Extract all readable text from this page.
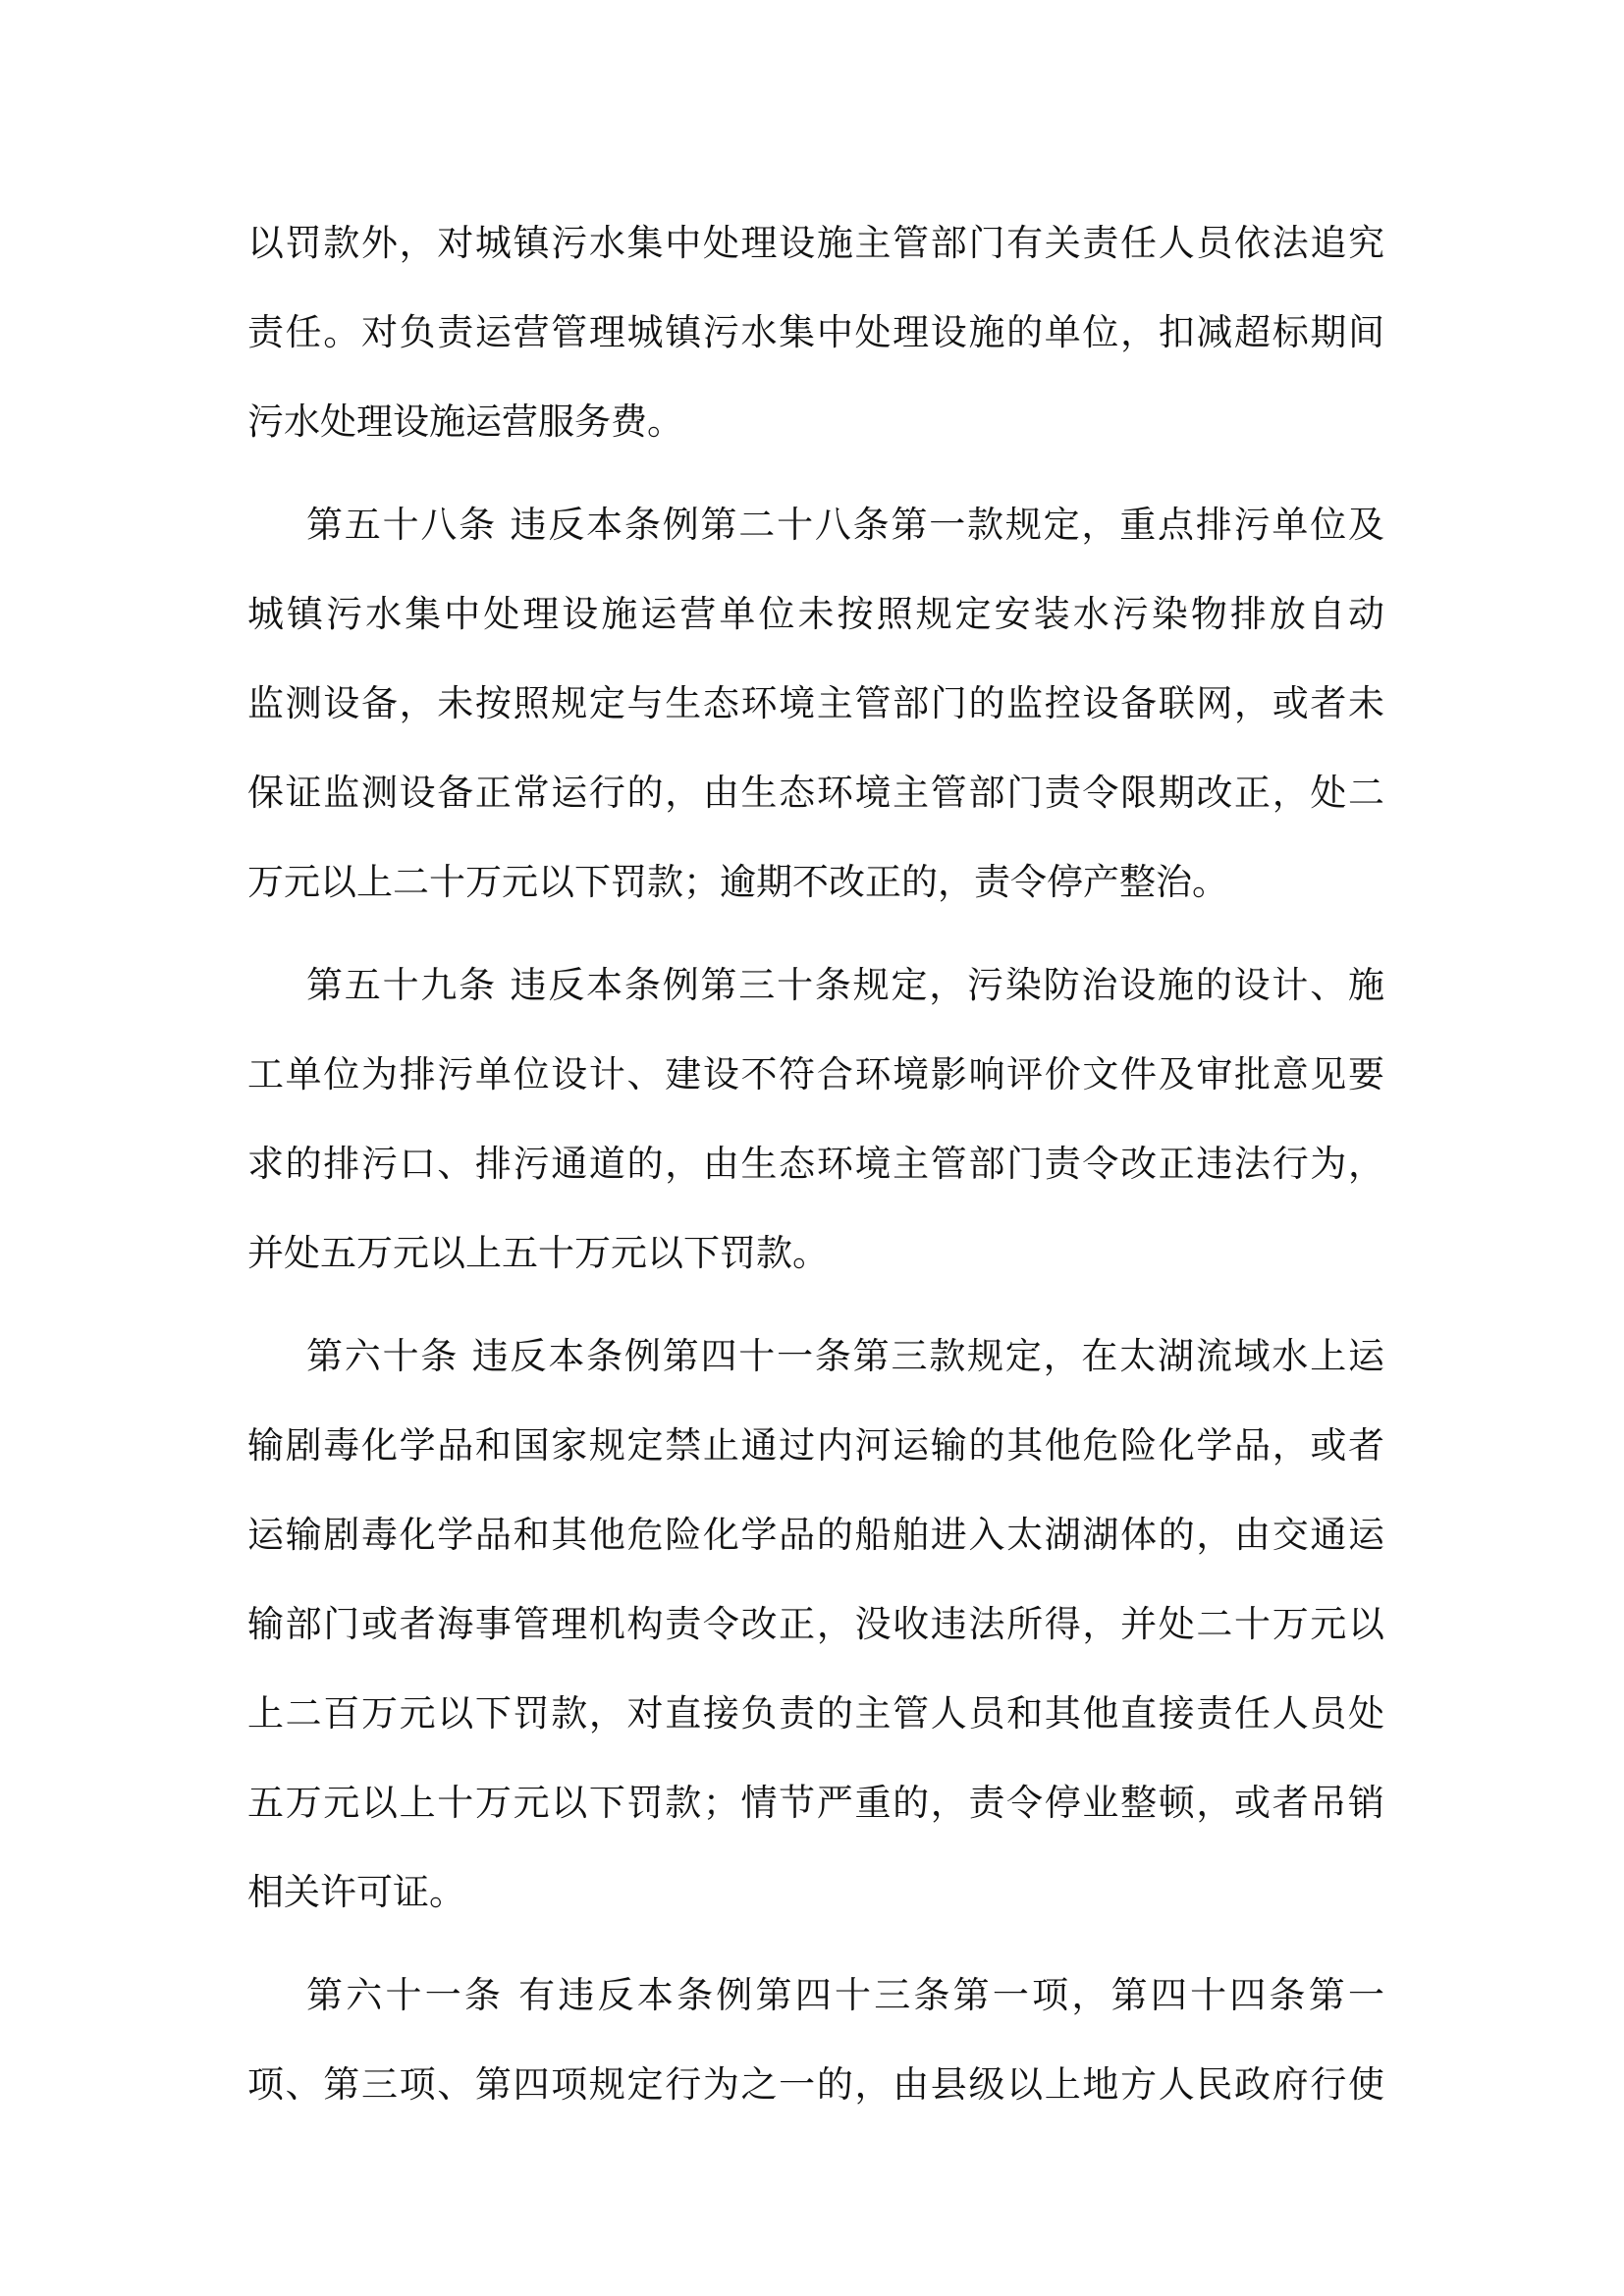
以罚款外，对城镇污水集中处理设施主管部门有关责任人员依法追究
责任。对负责运营管理城镇污水集中处理设施的单位，扣减超标期间
污水处理设施运营服务费。
第五十八条 违反本条例第二十八条第一款规定，重点排污单位及
城镇污水集中处理设施运营单位未按照规定安装水污染物排放自动
监测设备，未按照规定与生态环境主管部门的监控设备联网，或者未
保证监测设备正常运行的，由生态环境主管部门责令限期改正，处二
万元以上二十万元以下罚款；逾期不改正的，责令停产整治。
第五十九条 违反本条例第三十条规定，污染防治设施的设计、施
工单位为排污单位设计、建设不符合环境影响评价文件及审批意见要
求的排污口、排污通道的，由生态环境主管部门责令改正违法行为，
并处五万元以上五十万元以下罚款。
第六十条 违反本条例第四十一条第三款规定，在太湖流域水上运
输剧毒化学品和国家规定禁止通过内河运输的其他危险化学品，或者
运输剧毒化学品和其他危险化学品的船舶进入太湖湖体的，由交通运
输部门或者海事管理机构责令改正，没收违法所得，并处二十万元以
上二百万元以下罚款，对直接负责的主管人员和其他直接责任人员处
五万元以上十万元以下罚款；情节严重的，责令停业整顿，或者吊销
相关许可证。
第六十一条 有违反本条例第四十三条第一项，第四十四条第一
项、第三项、第四项规定行为之一的，由县级以上地方人民政府行使
